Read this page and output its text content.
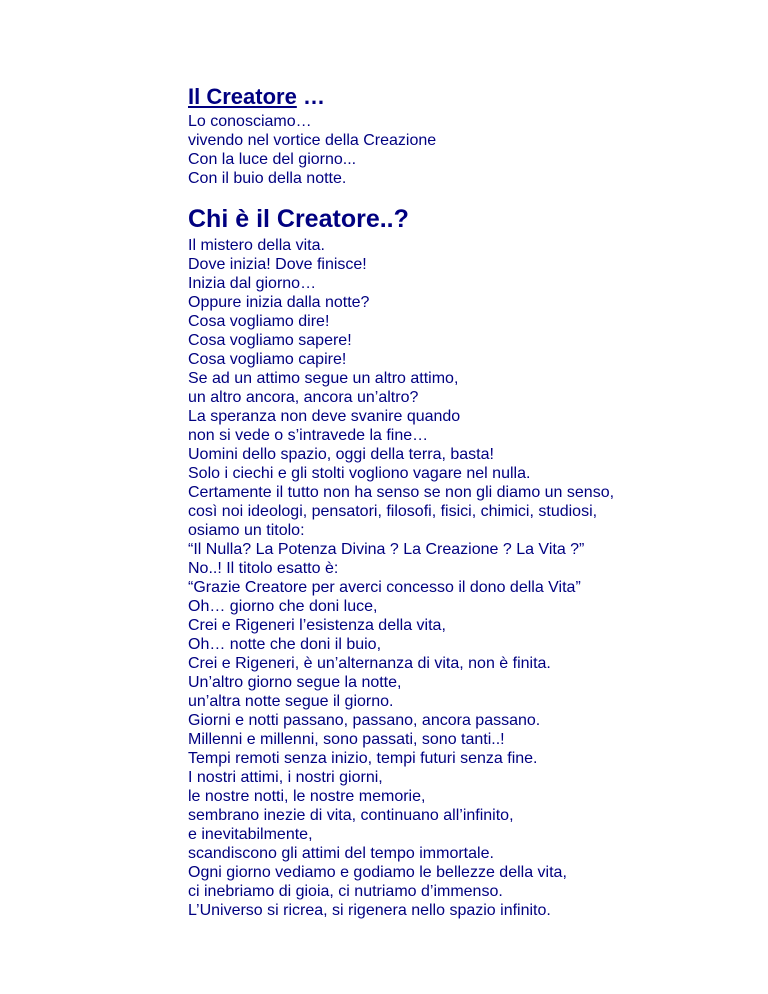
Il Creatore …
Lo conosciamo…
vivendo nel vortice della Creazione
Con la luce del giorno...
Con il buio della notte.
Chi è il Creatore..?
Il mistero della vita.
Dove inizia! Dove finisce!
Inizia dal giorno…
Oppure inizia dalla notte?
Cosa vogliamo dire!
Cosa vogliamo sapere!
Cosa vogliamo capire!
Se ad un attimo segue un altro attimo,
un altro ancora, ancora un’altro?
La speranza non deve svanire quando
non si vede o s’intravede la fine…
Uomini dello spazio, oggi della terra, basta!
Solo i ciechi e gli stolti vogliono vagare nel nulla.
Certamente il tutto non ha senso se non gli diamo un senso,
così noi ideologi, pensatori, filosofi, fisici, chimici, studiosi,
osiamo un titolo:
“Il Nulla? La Potenza Divina ? La Creazione ? La Vita ?”
No..! Il titolo esatto è:
“Grazie Creatore per averci concesso il dono della Vita”
Oh… giorno che doni luce,
Crei e Rigeneri l’esistenza della vita,
Oh… notte che doni il buio,
Crei e Rigeneri, è un’alternanza di vita, non è finita.
Un’altro giorno segue la notte,
un’altra notte segue il giorno.
Giorni e notti passano, passano, ancora passano.
Millenni e millenni, sono passati, sono tanti..!
Tempi remoti senza inizio, tempi futuri senza fine.
I nostri attimi, i nostri giorni,
le nostre notti, le nostre memorie,
sembrano inezie di vita, continuano all’infinito,
e inevitabilmente,
scandiscono gli attimi del tempo immortale.
Ogni giorno vediamo e godiamo le bellezze della vita,
ci inebriamo di gioia, ci nutriamo d’immenso.
L’Universo si ricrea, si rigenera nello spazio infinito.
